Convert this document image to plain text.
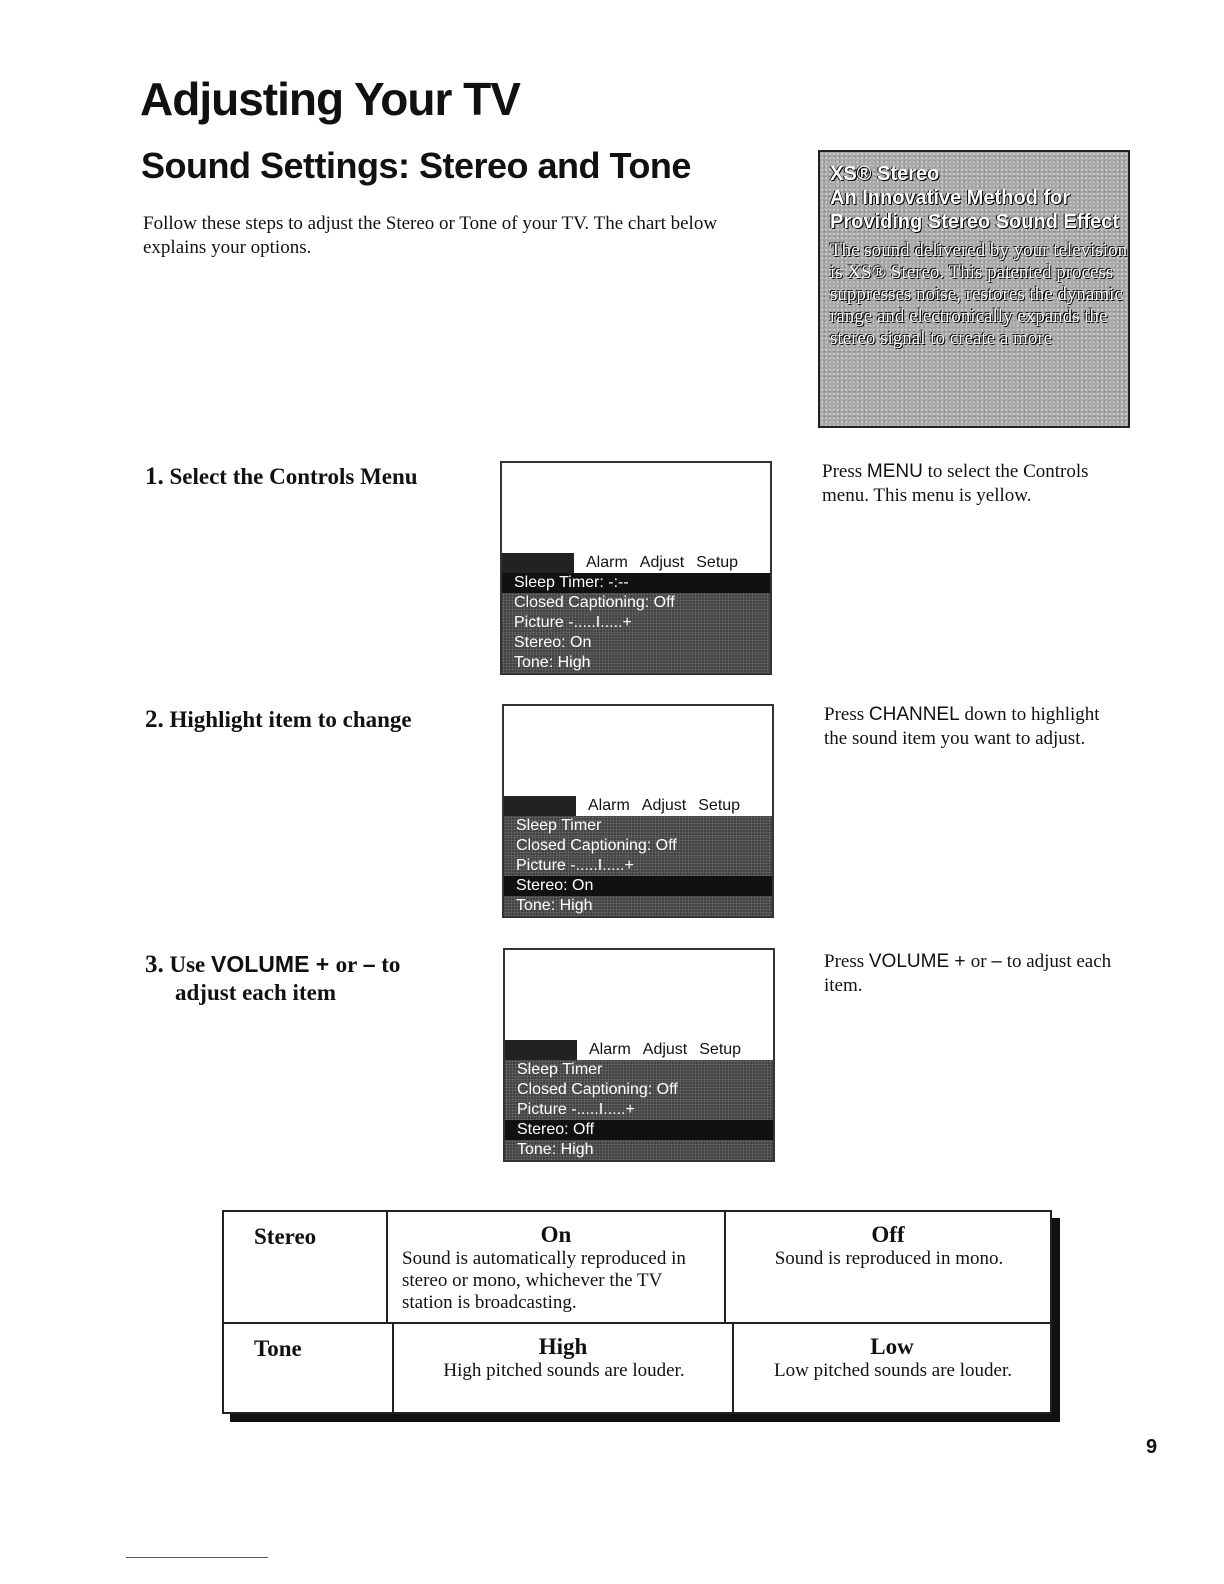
Adjusting Your TV
Sound Settings: Stereo and Tone
Follow these steps to adjust the Stereo or Tone of your TV. The chart below explains your options.
XS® Stereo
An Innovative Method for Providing Stereo Sound Effect
The sound delivered by your television is XS® Stereo. This patented process suppresses noise, restores the dynamic range and electronically expands the stereo signal to create a more
1. Select the Controls Menu
Alarm Adjust Setup
Sleep Timer: -:--
Closed Captioning: Off
Picture -.....I.....+
Stereo: On
Tone: High
Press MENU to select the Controls menu. This menu is yellow.
2. Highlight item to change
Alarm Adjust Setup
Sleep Timer
Closed Captioning: Off
Picture -.....I.....+
Stereo: On
Tone: High
Press CHANNEL down to highlight the sound item you want to adjust.
3. Use VOLUME + or – to
adjust each item
Alarm Adjust Setup
Sleep Timer
Closed Captioning: Off
Picture -.....I.....+
Stereo: Off
Tone: High
Press VOLUME + or – to adjust each item.
Stereo	On
Sound is automatically reproduced in stereo or mono, whichever the TV station is broadcasting.
Off
Sound is reproduced in mono.
Tone	High
High pitched sounds are louder.
Low
Low pitched sounds are louder.
9
